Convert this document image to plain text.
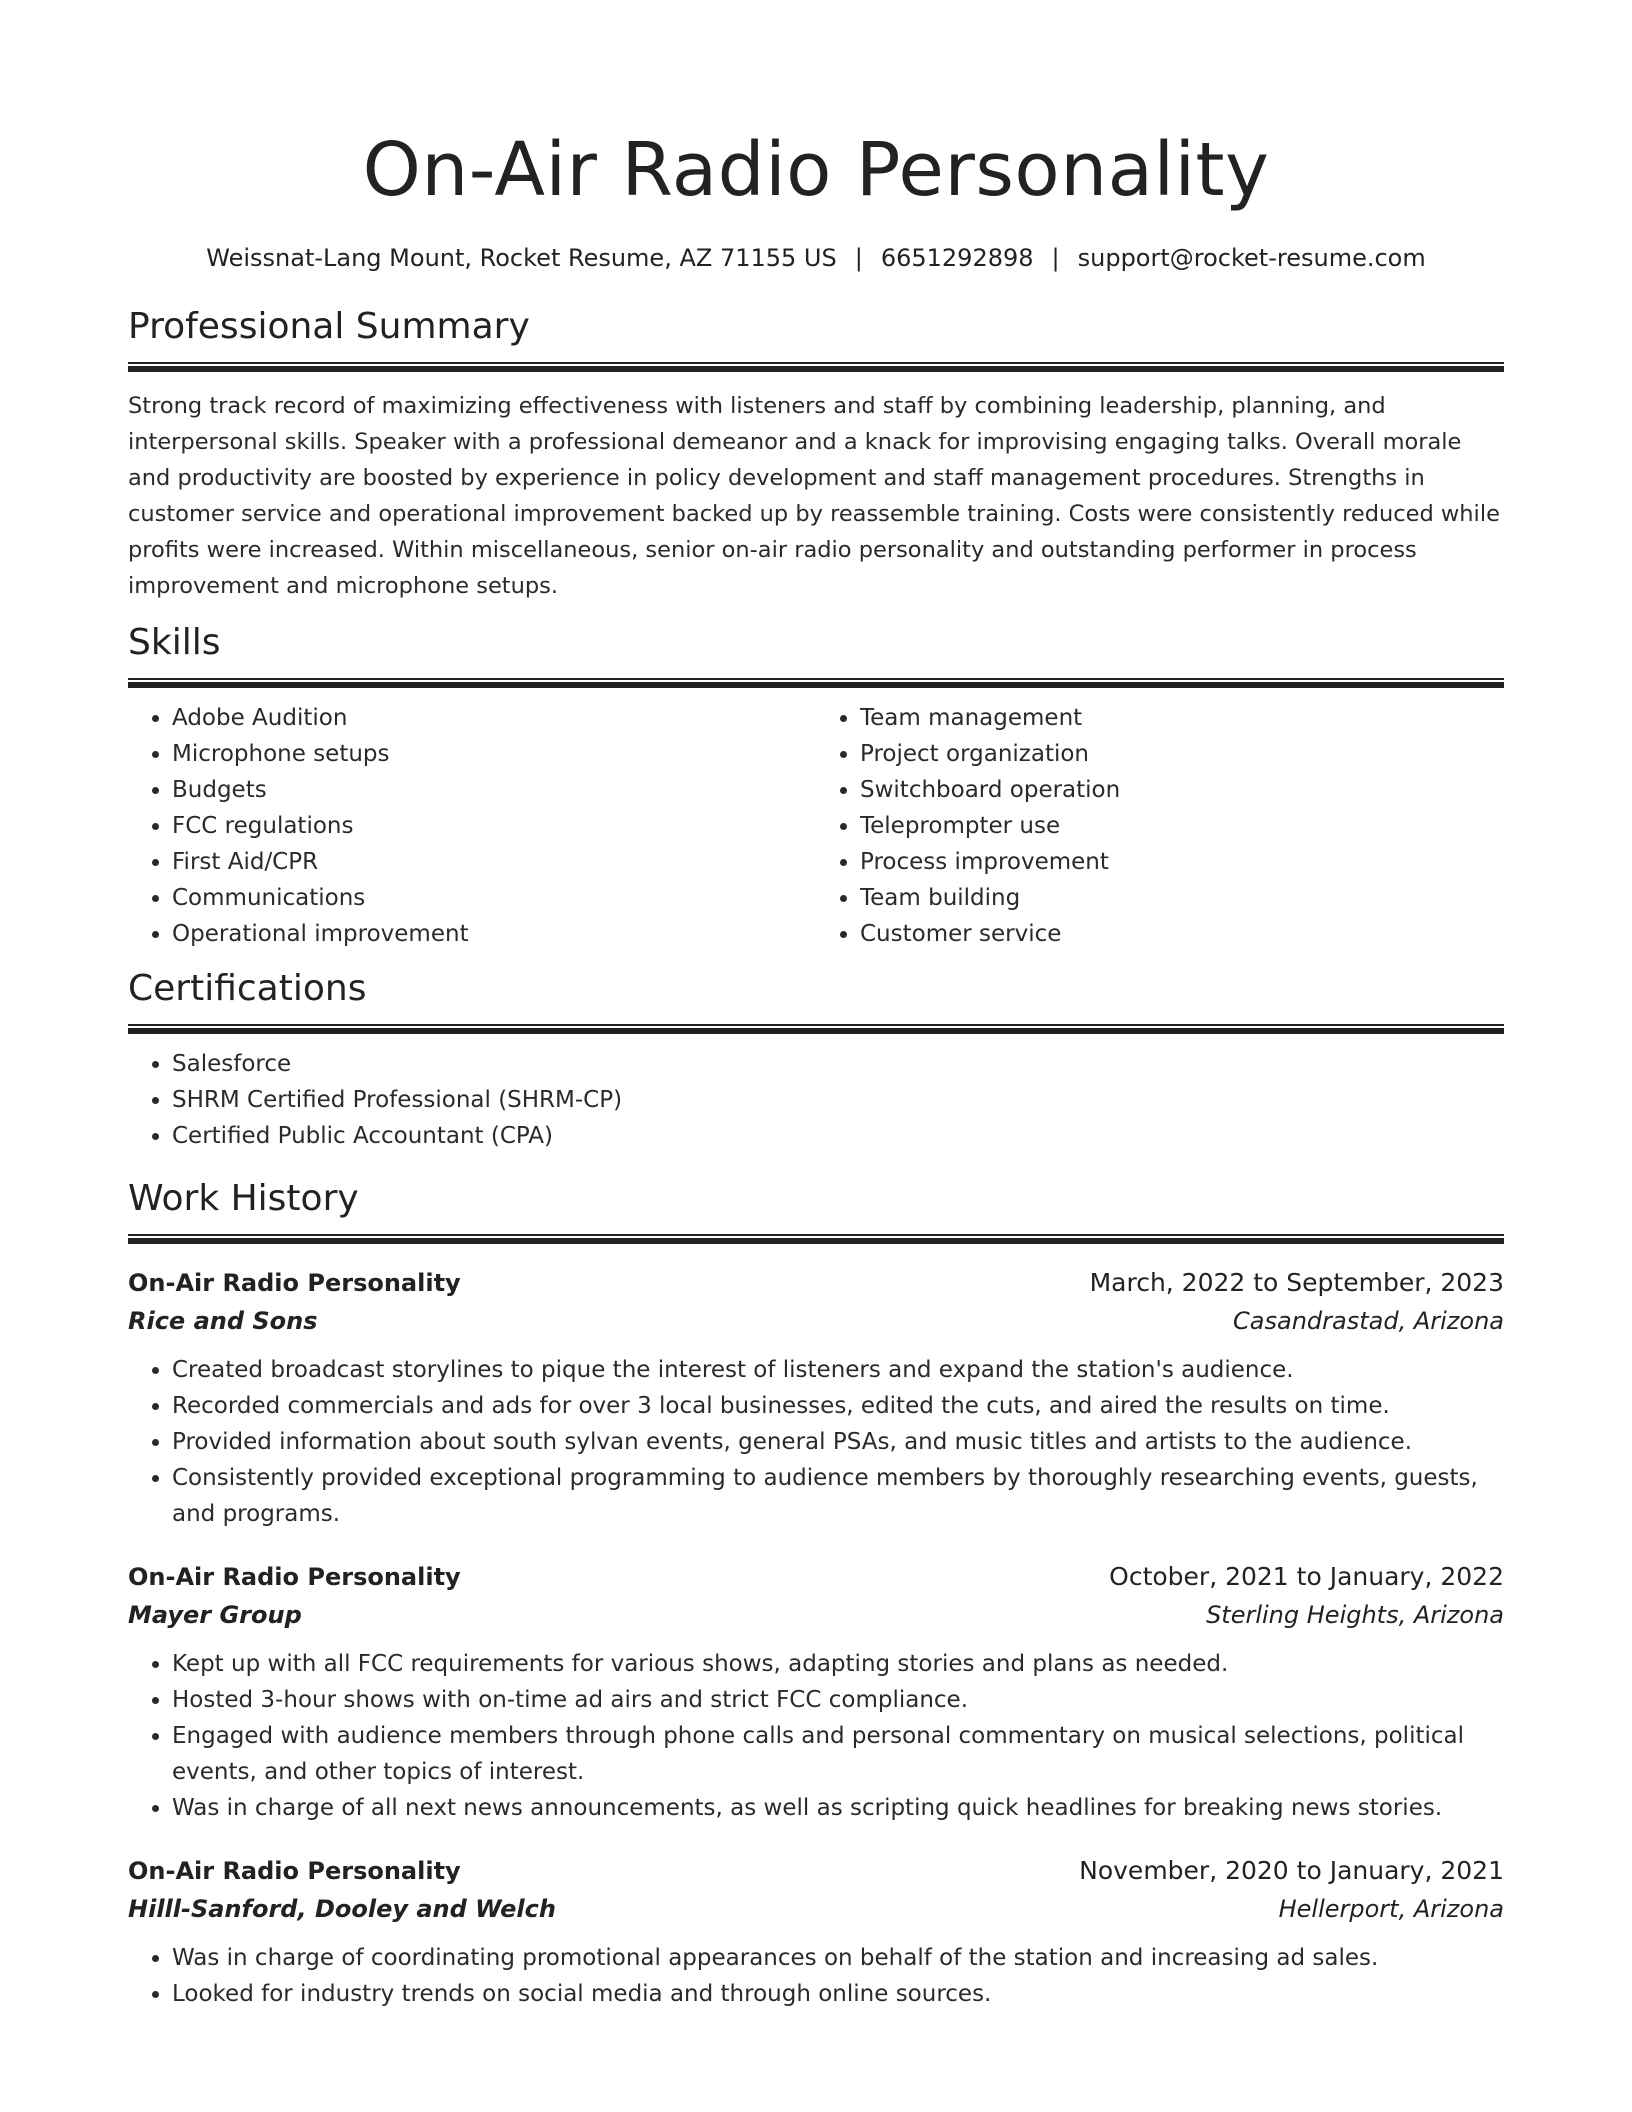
On-Air Radio Personality
Weissnat-Lang Mount, Rocket Resume, AZ 71155 US | 6651292898 | support@rocket-resume.com
Professional Summary

Strong track record of maximizing effectiveness with listeners and staff by combining leadership, planning, and interpersonal skills. Speaker with a professional demeanor and a knack for improvising engaging talks. Overall morale and productivity are boosted by experience in policy development and staff management procedures. Strengths in customer service and operational improvement backed up by reassemble training. Costs were consistently reduced while profits were increased. Within miscellaneous, senior on-air radio personality and outstanding performer in process improvement and microphone setups.

Skills
• Adobe Audition
• Microphone setups
• Budgets
• FCC regulations
• First Aid/CPR
• Communications
• Operational improvement
• Team management
• Project organization
• Switchboard operation
• Teleprompter use
• Process improvement
• Team building
• Customer service
Certifications
• Salesforce
• SHRM Certified Professional (SHRM-CP)
• Certified Public Accountant (CPA)
Work History
On-Air Radio Personality	March, 2022 to September, 2023
Rice and Sons	Casandrastad, Arizona
• Created broadcast storylines to pique the interest of listeners and expand the station's audience.
• Recorded commercials and ads for over 3 local businesses, edited the cuts, and aired the results on time.
• Provided information about south sylvan events, general PSAs, and music titles and artists to the audience.
• Consistently provided exceptional programming to audience members by thoroughly researching events, guests, and programs.
On-Air Radio Personality	October, 2021 to January, 2022
Mayer Group	Sterling Heights, Arizona
• Kept up with all FCC requirements for various shows, adapting stories and plans as needed.
• Hosted 3-hour shows with on-time ad airs and strict FCC compliance.
• Engaged with audience members through phone calls and personal commentary on musical selections, political events, and other topics of interest.
• Was in charge of all next news announcements, as well as scripting quick headlines for breaking news stories.
On-Air Radio Personality	November, 2020 to January, 2021
Hilll-Sanford, Dooley and Welch	Hellerport, Arizona
• Was in charge of coordinating promotional appearances on behalf of the station and increasing ad sales.
• Looked for industry trends on social media and through online sources.
